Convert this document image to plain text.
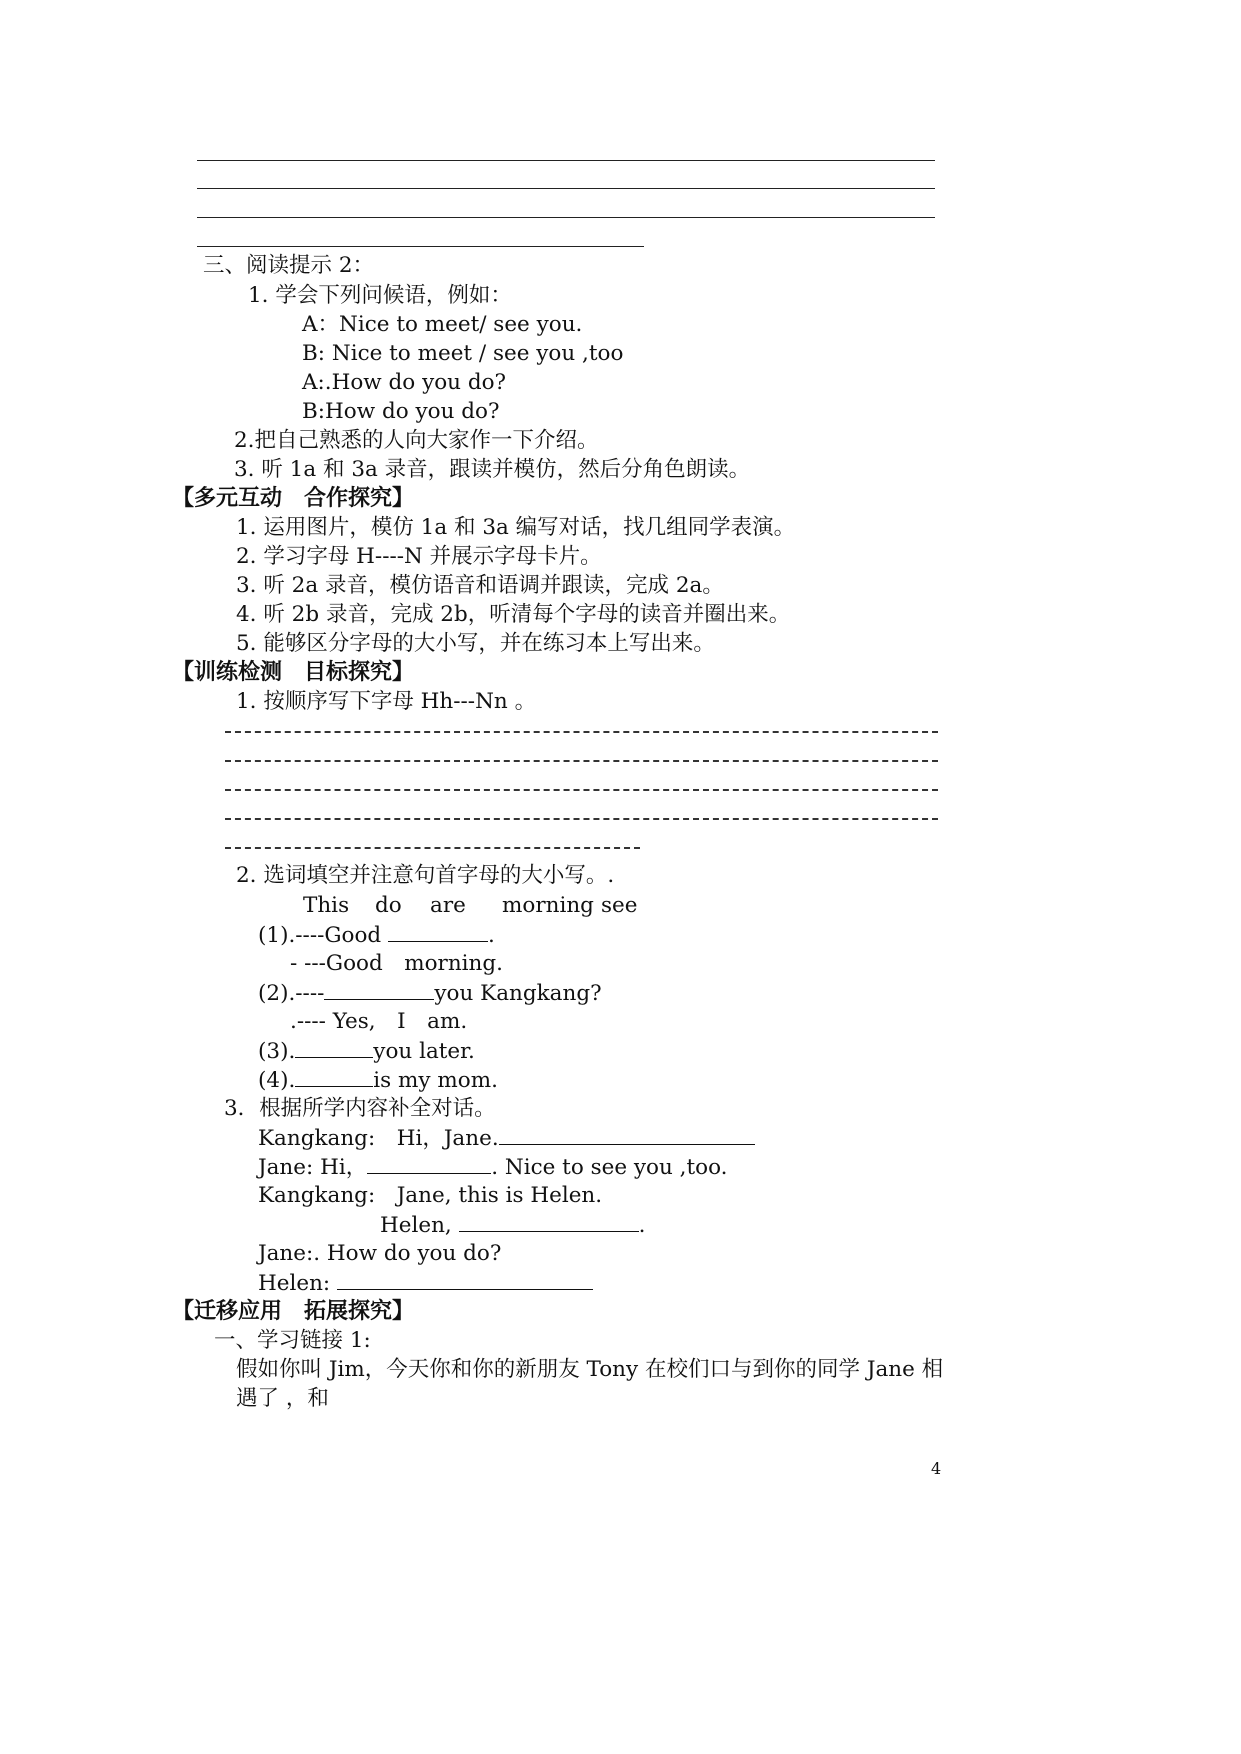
三、阅读提示 2：
1. 学会下列问候语，例如：
A：Nice to meet/ see you.
B: Nice to meet / see you ,too
A:.How do you do?
B:How do you do?
2.把自己熟悉的人向大家作一下介绍。
3. 听 1a 和 3a 录音，跟读并模仿，然后分角色朗读。
【多元互动　合作探究】
1. 运用图片，模仿 1a 和 3a 编写对话，找几组同学表演。
2. 学习字母 H----N 并展示字母卡片。
3. 听 2a 录音，模仿语音和语调并跟读，完成 2a。
4. 听 2b 录音，完成 2b，听清每个字母的读音并圈出来。
5. 能够区分字母的大小写，并在练习本上写出来。
【训练检测　目标探究】
1. 按顺序写下字母 Hh---Nn 。
2. 选词填空并注意句首字母的大小写。.
This do are morning see
(1).----Good	.
- ---Good　morning.
(2).----	you Kangkang?
.---- Yes,　I　am.
(3).	you later.
(4).	is my mom.
3．根据所学内容补全对话。
Kangkang:　Hi，Jane.
Jane: Hi，	. Nice to see you ,too.
Kangkang:　Jane, this is Helen.
Helen,	.
Jane:. How do you do?
Helen:
【迁移应用　拓展探究】
一、学习链接 1:
假如你叫 Jim，今天你和你的新朋友 Tony 在校们口与到你的同学 Jane 相
遇了 ，和
4
